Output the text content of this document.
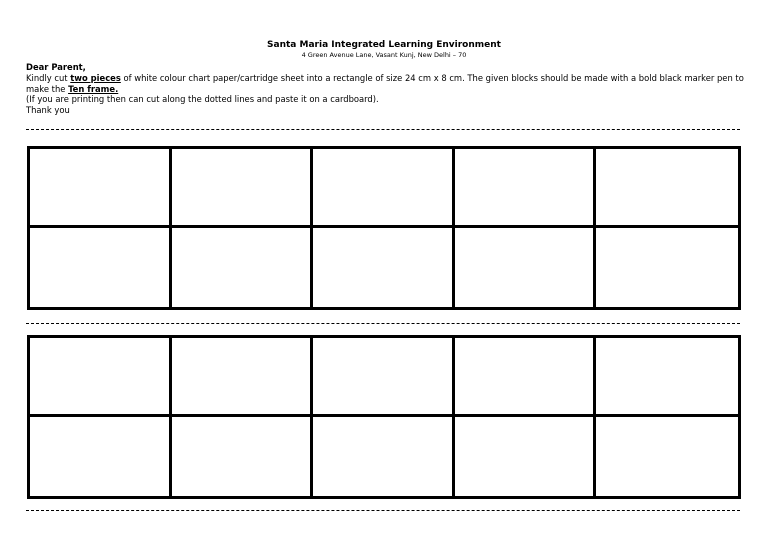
Santa Maria Integrated Learning Environment
4 Green Avenue Lane, Vasant Kunj, New Delhi – 70
Dear Parent,
Kindly cut two pieces of white colour chart paper/cartridge sheet into a rectangle of size 24 cm x 8 cm. The given blocks should be made with a bold black marker pen to make the Ten frame.
(If you are printing then can cut along the dotted lines and paste it on a cardboard).
Thank you
